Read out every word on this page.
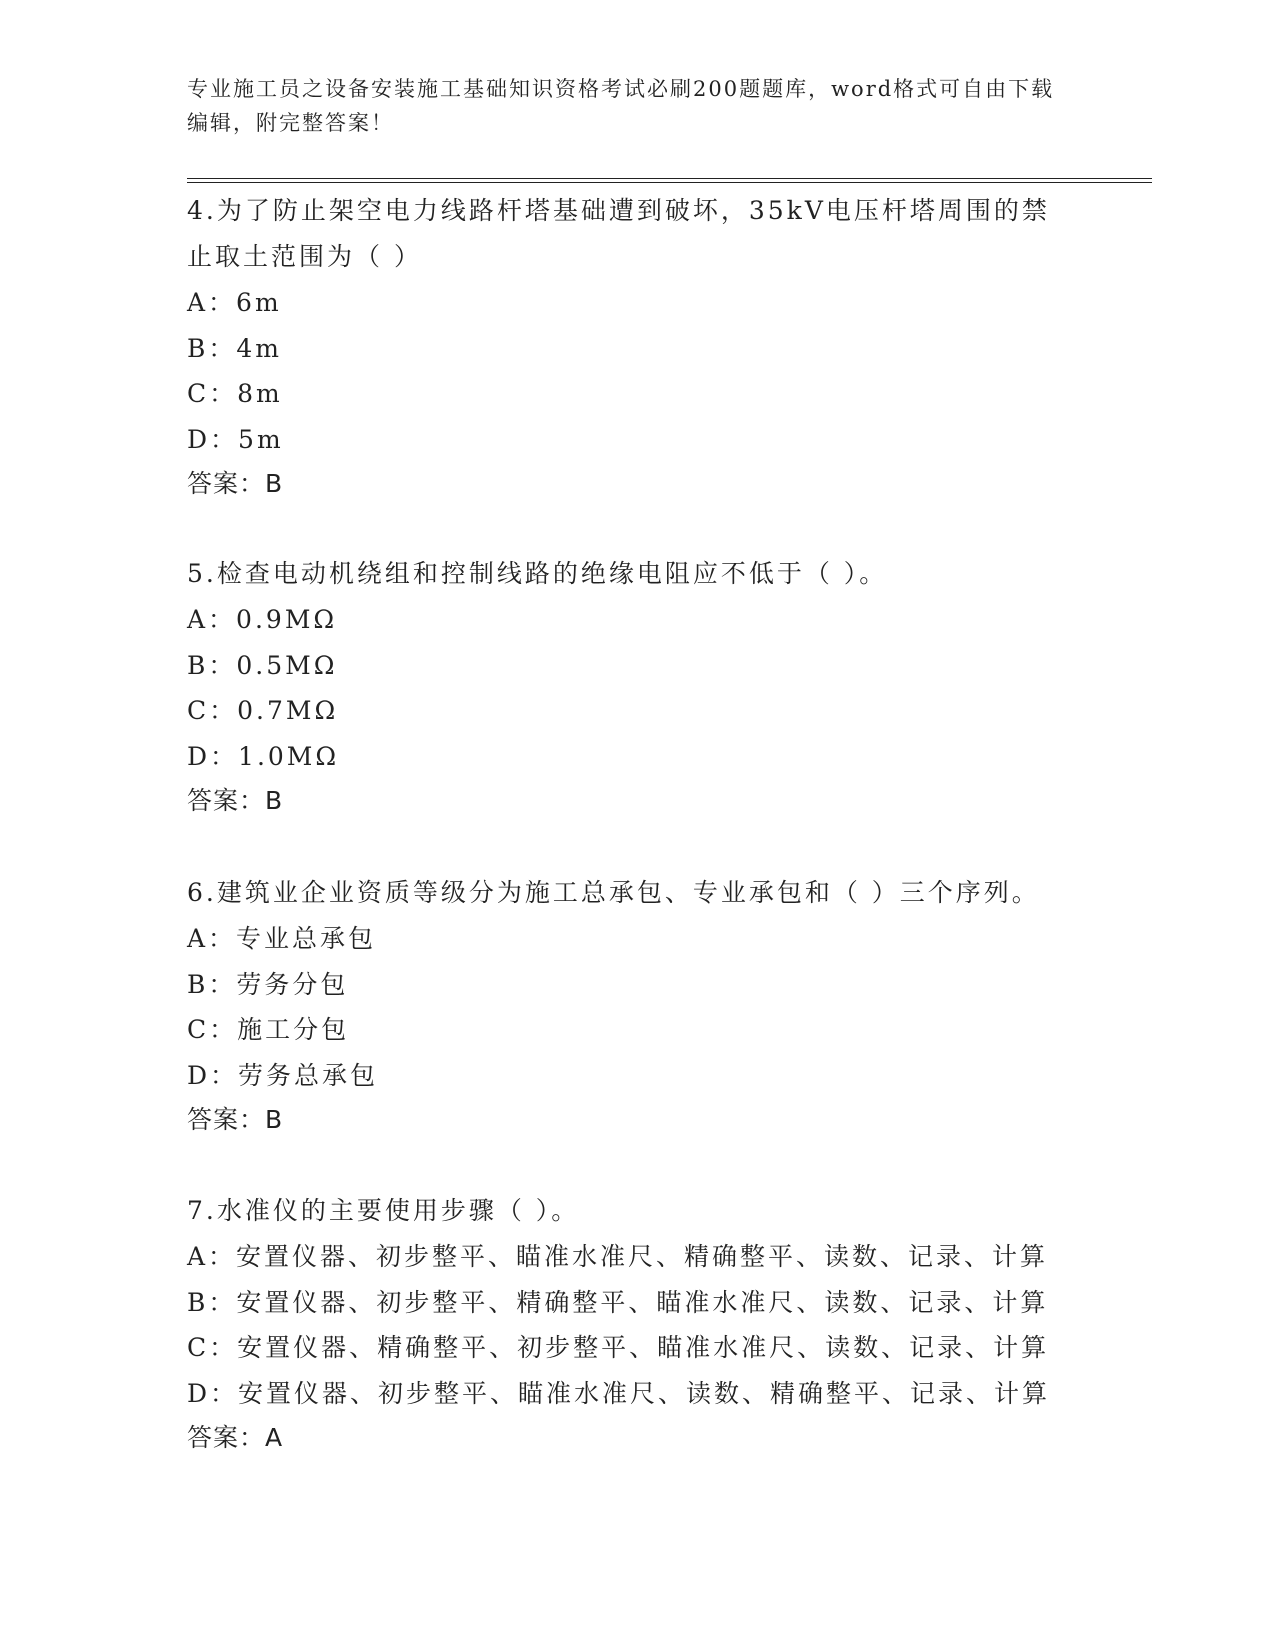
专业施工员之设备安装施工基础知识资格考试必刷200题题库，word格式可自由下载编辑，附完整答案！

4.为了防止架空电力线路杆塔基础遭到破坏，35kV电压杆塔周围的禁止取土范围为（ ）

A：6m

B：4m

C：8m

D：5m

答案：B

5.检查电动机绕组和控制线路的绝缘电阻应不低于（ ）。

A：0.9MΩ

B：0.5MΩ

C：0.7MΩ

D：1.0MΩ

答案：B

6.建筑业企业资质等级分为施工总承包、专业承包和（ ）三个序列。

A：专业总承包

B：劳务分包

C：施工分包

D：劳务总承包

答案：B

7.水准仪的主要使用步骤（ ）。

A：安置仪器、初步整平、瞄准水准尺、精确整平、读数、记录、计算

B：安置仪器、初步整平、精确整平、瞄准水准尺、读数、记录、计算

C：安置仪器、精确整平、初步整平、瞄准水准尺、读数、记录、计算

D：安置仪器、初步整平、瞄准水准尺、读数、精确整平、记录、计算

答案：A
